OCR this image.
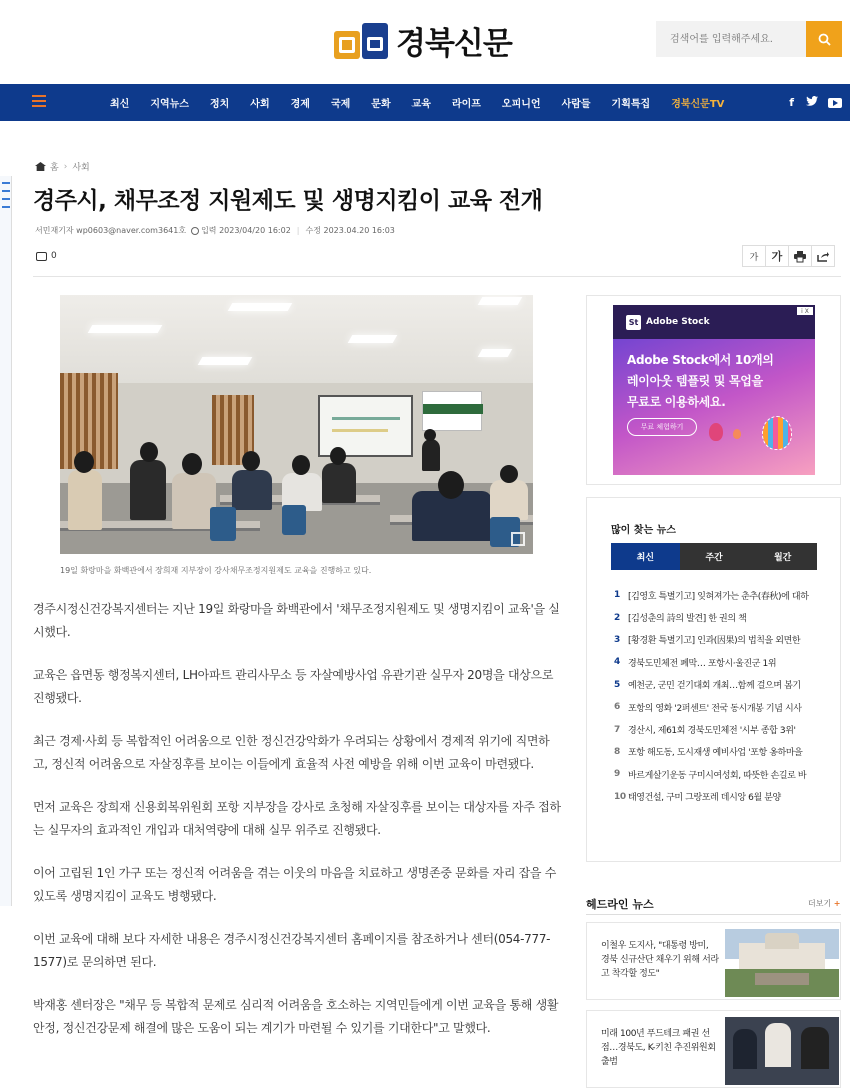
경북신문
검색어를 입력해주세요.
최신 지역뉴스 정치 사회 경제 국제 문화 교육 라이프 오피니언 사람들 기획특집 경북신문TV	f
홈 › 사회
경주시, 채무조정 지원제도 및 생명지킴이 교육 전개
서민재기자 wp0603@naver.com3641호 입력 2023/04/20 16:02 | 수정 2023.04.20 16:03
0	가	가
19일 화랑마을 화백관에서 장희재 지부장이 강사채무조정지원제도 교육을 진행하고 있다.

경주시정신건강복지센터는 지난 19일 화랑마을 화백관에서 '채무조정지원제도 및 생명지킴이 교육'을 실시했다.

교육은 읍면동 행정복지센터, LH아파트 관리사무소 등 자살예방사업 유관기관 실무자 20명을 대상으로 진행됐다.

최근 경제·사회 등 복합적인 어려움으로 인한 정신건강악화가 우려되는 상황에서 경제적 위기에 직면하고, 정신적 어려움으로 자살징후를 보이는 이들에게 효율적 사전 예방을 위해 이번 교육이 마련됐다.

먼저 교육은 장희재 신용회복위원회 포항 지부장을 강사로 초청해 자살징후를 보이는 대상자를 자주 접하는 실무자의 효과적인 개입과 대처역량에 대해 실무 위주로 진행됐다.

이어 고립된 1인 가구 또는 정신적 어려움을 겪는 이웃의 마음을 치료하고 생명존중 문화를 자리 잡을 수 있도록 생명지킴이 교육도 병행됐다.

이번 교육에 대해 보다 자세한 내용은 경주시정신건강복지센터 홈페이지를 참조하거나 센터(054-777-1577)로 문의하면 된다.

박재홍 센터장은 "채무 등 복합적 문제로 심리적 어려움을 호소하는 지역민들에게 이번 교육을 통해 생활안정, 정신건강문제 해결에 많은 도움이 되는 계기가 마련될 수 있기를 기대한다"고 말했다.

St Adobe Stock
i X
Adobe Stock에서 10개의
레이아웃 템플릿 및 목업을
무료로 이용하세요.
무료 체험하기
많이 찾는 뉴스
최신	주간	월간
1 [김영호 특별기고] 잊혀져가는 춘추(春秋)에 대하
2 [김성춘의 詩의 발견] 한 권의 책
3 [황경환 특별기고] 인과(因果)의 법칙을 외면한
4 경북도민체전 폐막… 포항시·울진군 1위
5 예천군, 군민 걷기대회 개최…함께 걸으며 봄기
6 포항의 영화 '2퍼센트' 전국 동시개봉 기념 시사
7 경산시, 제61회 경북도민체전 '시부 종합 3위'
8 포항 해도동, 도시재생 예비사업 '포항 옹하마을
9 바르게살기운동 구미시여성회, 따뜻한 손길로 바
10 태영건설, 구미 그랑포레 데시앙 6월 분양
헤드라인 뉴스	더보기 +
이철우 도지사, "대통령 방미, 경북 신규산단 채우기 위해 서라고 착각할 정도"
미래 100년 푸드테크 패권 선점…경북도, K-키친 추진위원회 출범
